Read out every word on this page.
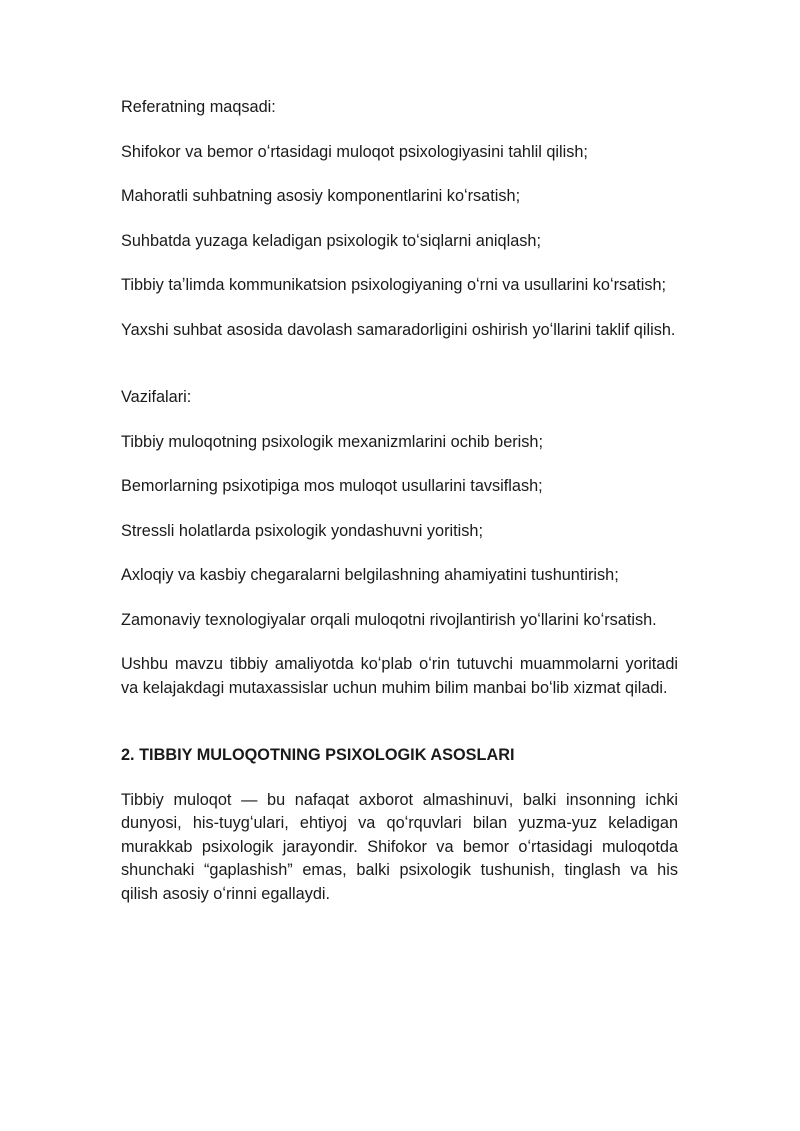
Referatning maqsadi:

Shifokor va bemor oʻrtasidagi muloqot psixologiyasini tahlil qilish;

Mahoratli suhbatning asosiy komponentlarini koʻrsatish;

Suhbatda yuzaga keladigan psixologik toʻsiqlarni aniqlash;

Tibbiy taʼlimda kommunikatsion psixologiyaning oʻrni va usullarini koʻrsatish;

Yaxshi suhbat asosida davolash samaradorligini oshirish yoʻllarini taklif qilish.

Vazifalari:

Tibbiy muloqotning psixologik mexanizmlarini ochib berish;

Bemorlarning psixotipiga mos muloqot usullarini tavsiflash;

Stressli holatlarda psixologik yondashuvni yoritish;

Axloqiy va kasbiy chegaralarni belgilashning ahamiyatini tushuntirish;

Zamonaviy texnologiyalar orqali muloqotni rivojlantirish yoʻllarini koʻrsatish.

Ushbu mavzu tibbiy amaliyotda koʻplab oʻrin tutuvchi muammolarni yoritadi va kelajakdagi mutaxassislar uchun muhim bilim manbai boʻlib xizmat qiladi.

2. TIBBIY MULOQOTNING PSIXOLOGIK ASOSLARI

Tibbiy muloqot — bu nafaqat axborot almashinuvi, balki insonning ichki dunyosi, his-tuygʻulari, ehtiyoj va qoʻrquvlari bilan yuzma-yuz keladigan murakkab psixologik jarayondir. Shifokor va bemor oʻrtasidagi muloqotda shunchaki “gaplashish” emas, balki psixologik tushunish, tinglash va his qilish asosiy oʻrinni egallaydi.
